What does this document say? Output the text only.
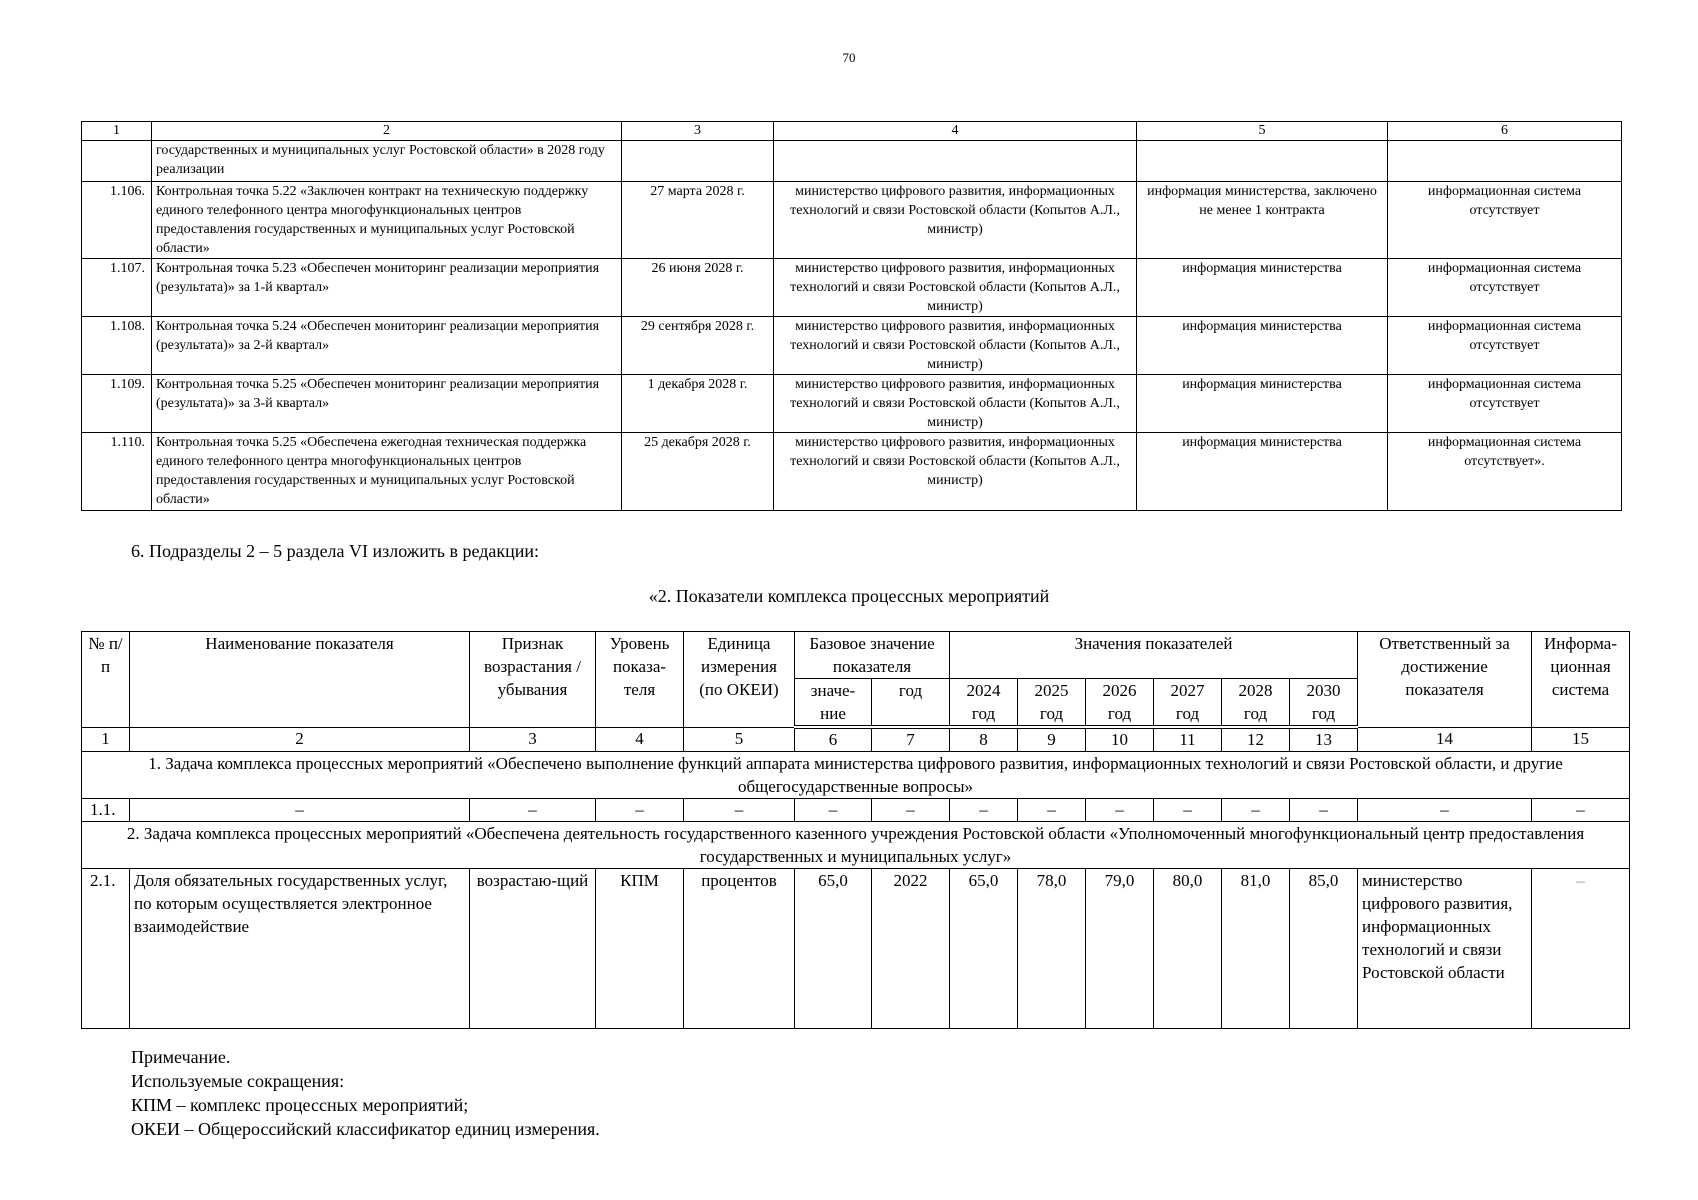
70
1	2	3	4	5	6
	государственных и муниципальных услуг Ростовской области» в 2028 году реализации				
1.106.	Контрольная точка 5.22 «Заключен контракт на техническую поддержку единого телефонного центра многофункциональных центров предоставления государственных и муниципальных услуг Ростовской области»	27 марта 2028 г.	министерство цифрового развития, информационных технологий и связи Ростовской области (Копытов А.Л., министр)	информация министерства, заключено не менее 1 контракта	информационная система отсутствует
1.107.	Контрольная точка 5.23 «Обеспечен мониторинг реализации мероприятия (результата)» за 1-й квартал»	26 июня 2028 г.	министерство цифрового развития, информационных технологий и связи Ростовской области (Копытов А.Л., министр)	информация министерства	информационная система отсутствует
1.108.	Контрольная точка 5.24 «Обеспечен мониторинг реализации мероприятия (результата)» за 2-й квартал»	29 сентября 2028 г.	министерство цифрового развития, информационных технологий и связи Ростовской области (Копытов А.Л., министр)	информация министерства	информационная система отсутствует
1.109.	Контрольная точка 5.25 «Обеспечен мониторинг реализации мероприятия (результата)» за 3-й квартал»	1 декабря 2028 г.	министерство цифрового развития, информационных технологий и связи Ростовской области (Копытов А.Л., министр)	информация министерства	информационная система отсутствует
1.110.	Контрольная точка 5.25 «Обеспечена ежегодная техническая поддержка единого телефонного центра многофункциональных центров предоставления государственных и муниципальных услуг Ростовской области»	25 декабря 2028 г.	министерство цифрового развития, информационных технологий и связи Ростовской области (Копытов А.Л., министр)	информация министерства	информационная система отсутствует».
6. Подразделы 2 – 5 раздела VI изложить в редакции:
«2. Показатели комплекса процессных мероприятий
№ п/п	Наименование показателя	Признак возрастания / убывания	Уровень показа-теля	Единица измерения (по ОКЕИ)	Базовое значение показателя		Значения показателей						Ответственный за достижение показателя	Информа-ционная система
					значе-ние	год	2024 год	2025 год	2026 год	2027 год	2028 год	2030 год		
1	2	3	4	5	6	7	8	9	10	11	12	13	14	15
1. Задача комплекса процессных мероприятий «Обеспечено выполнение функций аппарата министерства цифрового развития, информационных технологий и связи Ростовской области, и другие общегосударственные вопросы»														
1.1.	–	–	–	–	–	–	–	–	–	–	–	–	–	–
2. Задача комплекса процессных мероприятий «Обеспечена деятельность государственного казенного учреждения Ростовской области «Уполномоченный многофункциональный центр предоставления государственных и муниципальных услуг»														
2.1.	Доля обязательных государственных услуг, по которым осуществляется электронное взаимодействие	возрастаю-щий	КПМ	процентов	65,0	2022	65,0	78,0	79,0	80,0	81,0	85,0	министерство цифрового развития, информационных технологий и связи Ростовской области	–
Примечание.
Используемые сокращения:
КПМ – комплекс процессных мероприятий;
ОКЕИ – Общероссийский классификатор единиц измерения.
